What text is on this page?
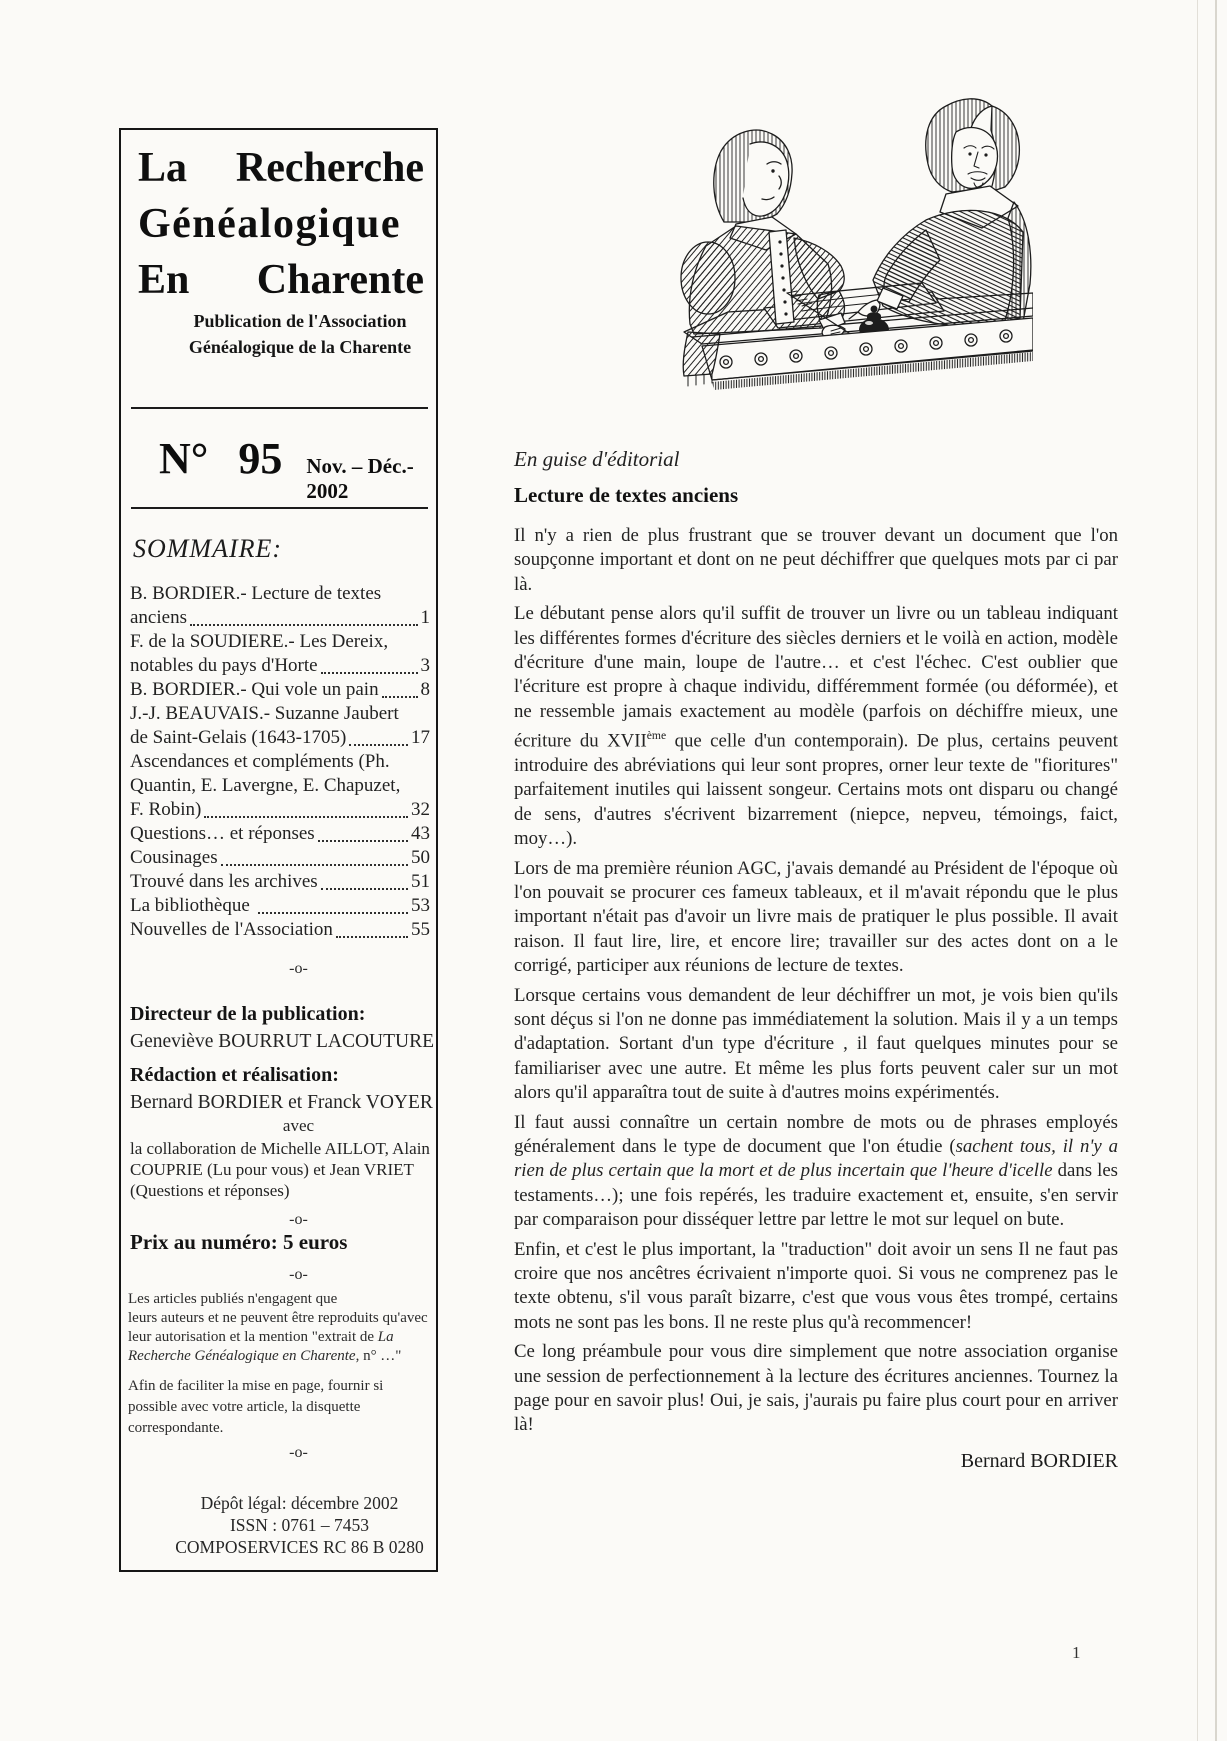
La Recherche
Généalogique
En Charente
Publication de l'Association
Généalogique de la Charente
N° 95 Nov. – Déc.- 2002
SOMMAIRE:
B. BORDIER.- Lecture de textes
anciens	1
F. de la SOUDIERE.- Les Dereix,
notables du pays d'Horte	3
B. BORDIER.- Qui vole un pain 8
J.-J. BEAUVAIS.- Suzanne Jaubert
de Saint-Gelais (1643-1705)	17
Ascendances et compléments (Ph.
Quantin, E. Lavergne, E. Chapuzet,
F. Robin)	32
Questions… et réponses	43
Cousinages	50
Trouvé dans les archives	51
La bibliothèque	53
Nouvelles de l'Association	55
-o-
Directeur de la publication:
Geneviève BOURRUT LACOUTURE
Rédaction et réalisation:
Bernard BORDIER et Franck VOYER
avec
la collaboration de Michelle AILLOT, Alain
COUPRIE (Lu pour vous) et Jean VRIET
(Questions et réponses)
-o-
Prix au numéro: 5 euros
-o-
Les articles publiés n'engagent que
leurs auteurs et ne peuvent être reproduits qu'avec
leur autorisation et la mention "extrait de La
Recherche Généalogique en Charente, n° …"
Afin de faciliter la mise en page, fournir si
possible avec votre article, la disquette
correspondante.
-o-
Dépôt légal: décembre 2002
ISSN : 0761 – 7453
COMPOSERVICES RC 86 B 0280
En guise d'éditorial
Lecture de textes anciens

Il n'y a rien de plus frustrant que se trouver devant un document que l'on soupçonne important et dont on ne peut déchiffrer que quelques mots par ci par là.

Le débutant pense alors qu'il suffit de trouver un livre ou un tableau indiquant les différentes formes d'écriture des siècles derniers et le voilà en action, modèle d'écriture d'une main, loupe de l'autre… et c'est l'échec. C'est oublier que l'écriture est propre à chaque individu, différemment formée (ou déformée), et ne ressemble jamais exactement au modèle (parfois on déchiffre mieux, une écriture du XVIIème que celle d'un contemporain). De plus, certains peuvent introduire des abréviations qui leur sont propres, orner leur texte de "fioritures" parfaitement inutiles qui laissent songeur. Certains mots ont disparu ou changé de sens, d'autres s'écrivent bizarrement (niepce, nepveu, témoings, faict, moy…).

Lors de ma première réunion AGC, j'avais demandé au Président de l'époque où l'on pouvait se procurer ces fameux tableaux, et il m'avait répondu que le plus important n'était pas d'avoir un livre mais de pratiquer le plus possible. Il avait raison. Il faut lire, lire, et encore lire; travailler sur des actes dont on a le corrigé, participer aux réunions de lecture de textes.

Lorsque certains vous demandent de leur déchiffrer un mot, je vois bien qu'ils sont déçus si l'on ne donne pas immédiatement la solution. Mais il y a un temps d'adaptation. Sortant d'un type d'écriture , il faut quelques minutes pour se familiariser avec une autre. Et même les plus forts peuvent caler sur un mot alors qu'il apparaîtra tout de suite à d'autres moins expérimentés.

Il faut aussi connaître un certain nombre de mots ou de phrases employés généralement dans le type de document que l'on étudie (sachent tous, il n'y a rien de plus certain que la mort et de plus incertain que l'heure d'icelle dans les testaments…); une fois repérés, les traduire exactement et, ensuite, s'en servir par comparaison pour disséquer lettre par lettre le mot sur lequel on bute.

Enfin, et c'est le plus important, la "traduction" doit avoir un sens Il ne faut pas croire que nos ancêtres écrivaient n'importe quoi. Si vous ne comprenez pas le texte obtenu, s'il vous paraît bizarre, c'est que vous vous êtes trompé, certains mots ne sont pas les bons. Il ne reste plus qu'à recommencer!

Ce long préambule pour vous dire simplement que notre association organise une session de perfectionnement à la lecture des écritures anciennes. Tournez la page pour en savoir plus! Oui, je sais, j'aurais pu faire plus court pour en arriver là!

Bernard BORDIER
1
